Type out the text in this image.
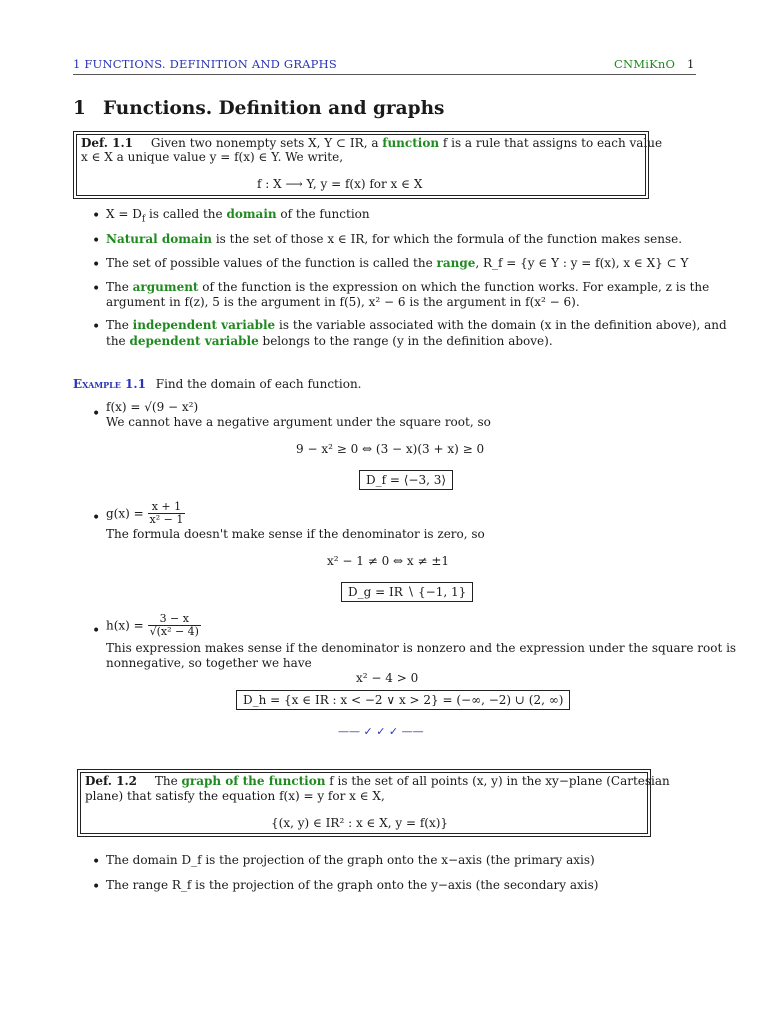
1 FUNCTIONS. DEFINITION AND GRAPHS	CNMiKnO 1
1 Functions. Definition and graphs
Def. 1.1 Given two nonempty sets X, Y ⊂ IR, a function f is a rule that assigns to each value
x ∈ X a unique value y = f(x) ∈ Y. We write,
f : X ⟶ Y, y = f(x) for x ∈ X
• $X = D_f$ is called the domain of the function
• Natural domain is the set of those x ∈ IR, for which the formula of the function makes sense.
• The set of possible values of the function is called the range, R_f = {y ∈ Y : y = f(x), x ∈ X} ⊂ Y
• The argument of the function is the expression on which the function works. For example, z is the
argument in f(z), 5 is the argument in f(5), x² − 6 is the argument in f(x² − 6).
• The independent variable is the variable associated with the domain (x in the definition above), and
the dependent variable belongs to the range (y in the definition above).
Example 1.1 Find the domain of each function.
• f(x) = √(9 − x²)
We cannot have a negative argument under the square root, so
9 − x² ≥ 0 ⇔ (3 − x)(3 + x) ≥ 0
D_f = ⟨−3, 3⟩
• $g(x) = \frac{x + 1}{\text{x² − 1}}$
The formula doesn't make sense if the denominator is zero, so
x² − 1 ≠ 0 ⇔ x ≠ ±1
D_g = IR ∖ {−1, 1}
• $h(x) = \frac{3 - x}{\text{√(x² − 4)}}$
This expression makes sense if the denominator is nonzero and the expression under the square root is
nonnegative, so together we have
x² − 4 > 0
D_h = {x ∈ IR : x < −2 ∨ x > 2} = (−∞, −2) ∪ (2, ∞)
—— ✓ ✓ ✓ ——
Def. 1.2 The graph of the function f is the set of all points (x, y) in the xy−plane (Cartesian
plane) that satisfy the equation f(x) = y for x ∈ X,
{(x, y) ∈ IR² : x ∈ X, y = f(x)}
• The domain D_f is the projection of the graph onto the x−axis (the primary axis)
• The range R_f is the projection of the graph onto the y−axis (the secondary axis)
